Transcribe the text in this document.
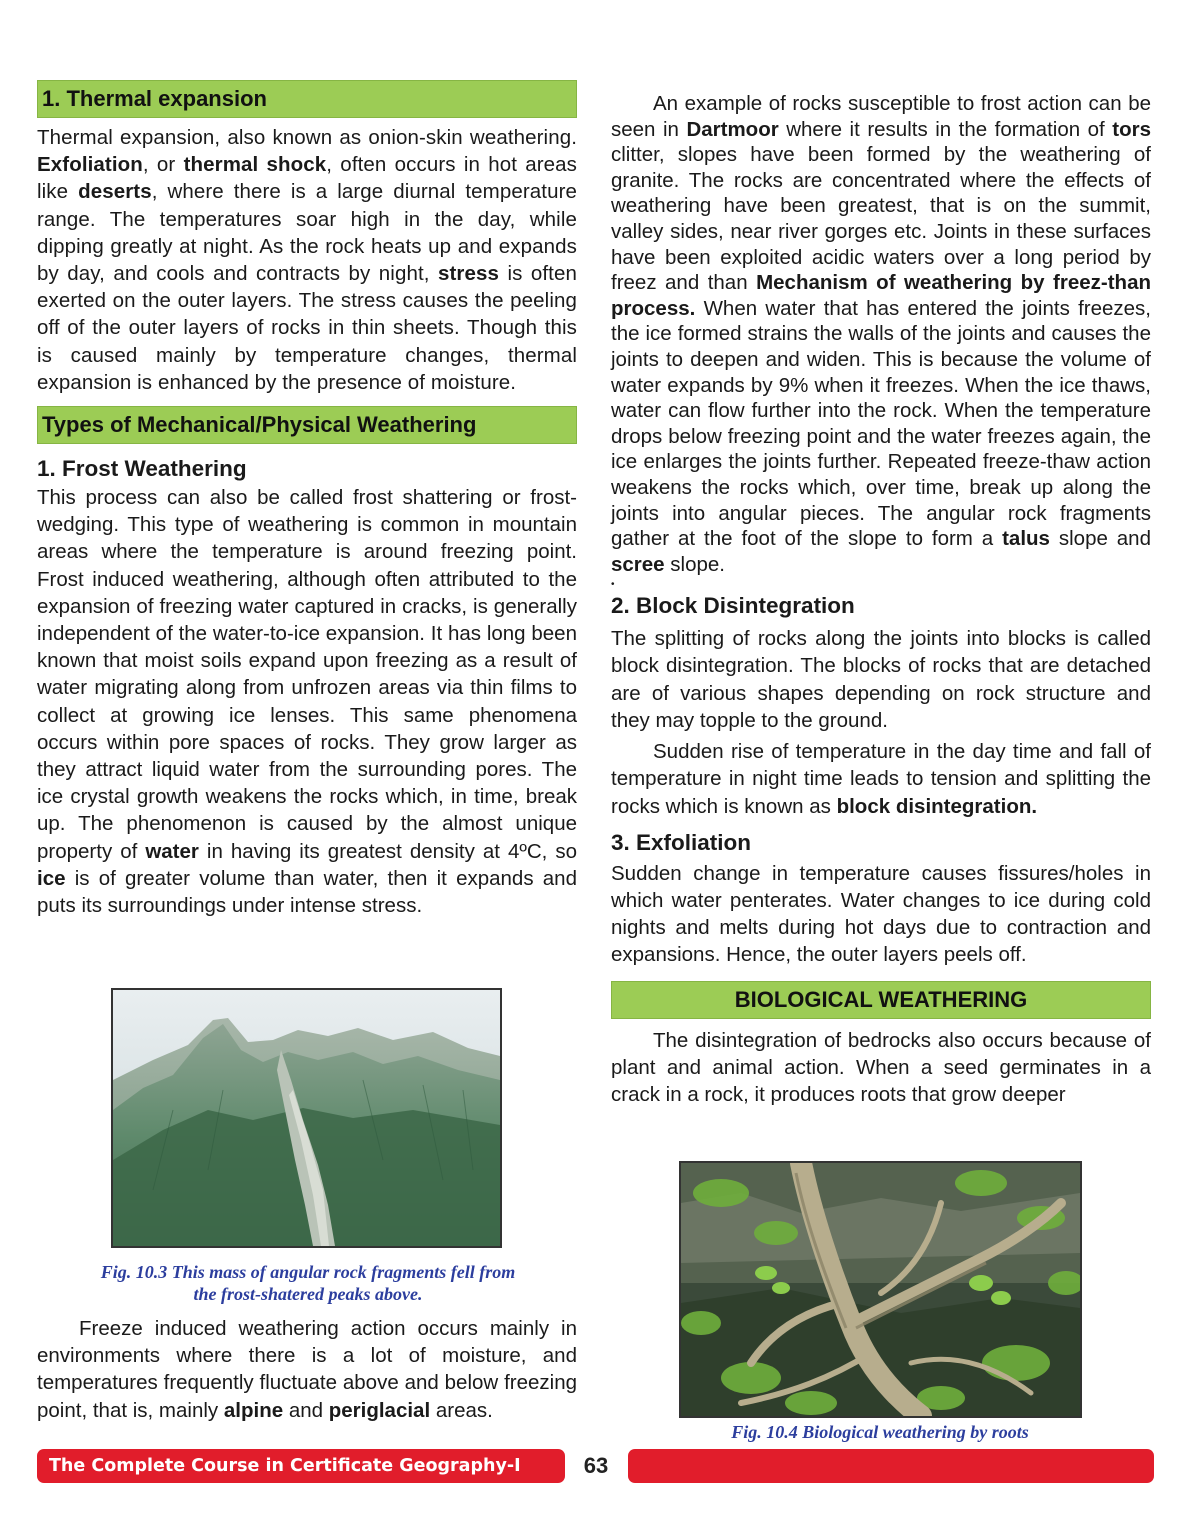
1. Thermal expansion

Thermal expansion, also known as onion-skin weathering. Exfoliation, or thermal shock, often occurs in hot areas like deserts, where there is a large diurnal temperature range. The temperatures soar high in the day, while dipping greatly at night. As the rock heats up and expands by day, and cools and contracts by night, stress is often exerted on the outer layers. The stress causes the peeling off of the outer layers of rocks in thin sheets. Though this is caused mainly by temperature changes, thermal expansion is enhanced by the presence of moisture.

Types of Mechanical/Physical Weathering
1. Frost Weathering

This process can also be called frost shattering or frost-wedging. This type of weathering is common in mountain areas where the temperature is around freezing point. Frost induced weathering, although often attributed to the expansion of freezing water captured in cracks, is generally independent of the water-to-ice expansion. It has long been known that moist soils expand upon freezing as a result of water migrating along from unfrozen areas via thin films to collect at growing ice lenses. This same phenomena occurs within pore spaces of rocks. They grow larger as they attract liquid water from the surrounding pores. The ice crystal growth weakens the rocks which, in time, break up. The phenomenon is caused by the almost unique property of water in having its greatest density at 4ºC, so ice is of greater volume than water, then it expands and puts its surroundings under intense stress.

Fig. 10.3 This mass of angular rock fragments fell from
the frost-shatered peaks above.

Freeze induced weathering action occurs mainly in environments where there is a lot of moisture, and temperatures frequently fluctuate above and below freezing point, that is, mainly alpine and periglacial areas.

An example of rocks susceptible to frost action can be seen in Dartmoor where it results in the formation of tors clitter, slopes have been formed by the weathering of granite. The rocks are concentrated where the effects of weathering have been greatest, that is on the summit, valley sides, near river gorges etc. Joints in these surfaces have been exploited acidic waters over a long period by freez and than Mechanism of weathering by freez-than process. When water that has entered the joints freezes, the ice formed strains the walls of the joints and causes the joints to deepen and widen. This is because the volume of water expands by 9% when it freezes. When the ice thaws, water can flow further into the rock. When the temperature drops below freezing point and the water freezes again, the ice enlarges the joints further. Repeated freeze-thaw action weakens the rocks which, over time, break up along the joints into angular pieces. The angular rock fragments gather at the foot of the slope to form a talus slope and scree slope.

•
2. Block Disintegration

The splitting of rocks along the joints into blocks is called block disintegration. The blocks of rocks that are detached are of various shapes depending on rock structure and they may topple to the ground.

Sudden rise of temperature in the day time and fall of temperature in night time leads to tension and splitting the rocks which is known as block disintegration.

3. Exfoliation

Sudden change in temperature causes fissures/holes in which water penterates. Water changes to ice during cold nights and melts during hot days due to contraction and expansions. Hence, the outer layers peels off.

BIOLOGICAL WEATHERING

The disintegration of bedrocks also occurs because of plant and animal action. When a seed germinates in a crack in a rock, it produces roots that grow deeper

Fig. 10.4 Biological weathering by roots
The Complete Course in Certificate Geography-I	63
